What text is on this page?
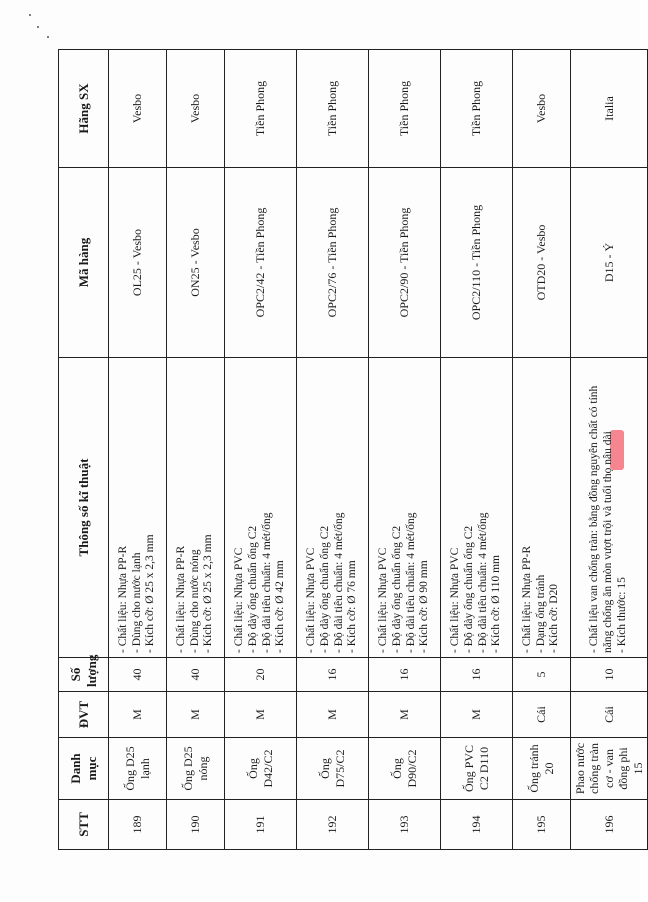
STT	Danh mục	ĐVT	Số lượng	Thông số kĩ thuật	Mã hàng	Hãng SX
189	Ống D25 lạnh	M	40	- Chất liệu: Nhựa PP-R - Dùng cho nước lạnh - Kích cỡ: Ø 25 x 2,3 mm	OL25 - Vesbo	Vesbo
190	Ống D25 nóng	M	40	- Chất liệu: Nhựa PP-R - Dùng cho nước nóng - Kích cỡ: Ø 25 x 2,3 mm	ON25 - Vesbo	Vesbo
191	Ống D42/C2	M	20	- Chất liệu: Nhựa PVC - Độ dày ống chuẩn ống C2 - Độ dài tiêu chuẩn: 4 mét/ống - Kích cỡ: Ø 42 mm	OPC2/42 - Tiền Phong	Tiền Phong
192	Ống D75/C2	M	16	- Chất liệu: Nhựa PVC - Độ dày ống chuẩn ống C2 - Độ dài tiêu chuẩn: 4 mét/ống - Kích cỡ: Ø 76 mm	OPC2/76 - Tiền Phong	Tiền Phong
193	Ống D90/C2	M	16	- Chất liệu: Nhựa PVC - Độ dày ống chuẩn ống C2 - Độ dài tiêu chuẩn: 4 mét/ống - Kích cỡ: Ø 90 mm	OPC2/90 - Tiền Phong	Tiền Phong
194	Ống PVC C2 D110	M	16	- Chất liệu: Nhựa PVC - Độ dày ống chuẩn ống C2 - Độ dài tiêu chuẩn: 4 mét/ống - Kích cỡ: Ø 110 mm	OPC2/110 - Tiền Phong	Tiền Phong
195	Ống tránh 20	Cái	5	- Chất liệu: Nhựa PP-R - Dạng ống tránh - Kích cỡ: D20	OTD20 - Vesbo	Vesbo
196	Phao nước chống tràn cơ - van đồng phi 15	Cái	10	- Chất liệu van chống tràn: bằng đồng nguyên chất có tính năng chống ăn mòn vượt trội và tuổi thọ nâu dài - Kích thước: 15	D15 - Ý	Italia
